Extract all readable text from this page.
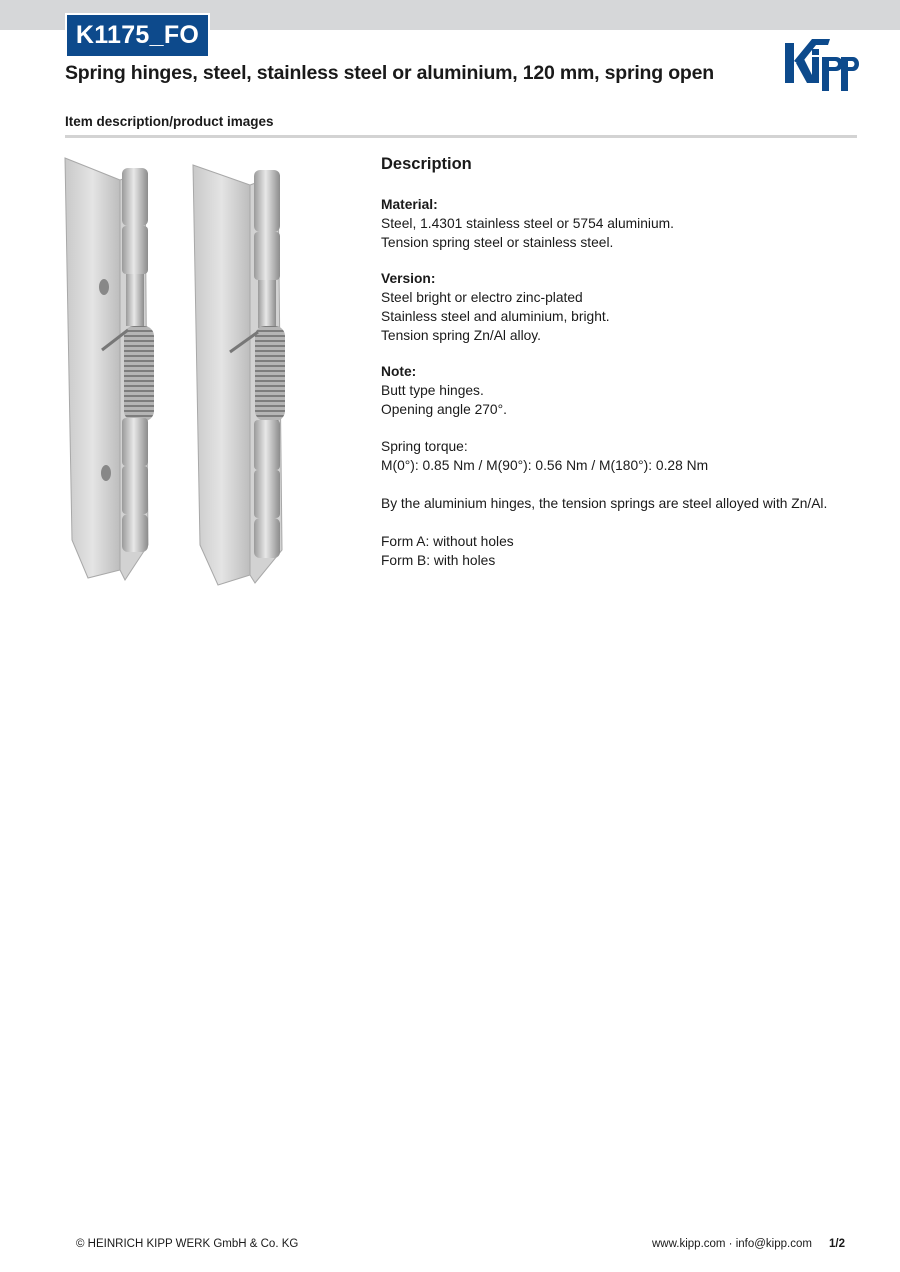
K1175_FO
Spring hinges, steel, stainless steel or aluminium, 120 mm, spring open
Item description/product images
Description
Material:
Steel, 1.4301 stainless steel or 5754 aluminium.
Tension spring steel or stainless steel.
Version:
Steel bright or electro zinc-plated
Stainless steel and aluminium, bright.
Tension spring Zn/Al alloy.
Note:
Butt type hinges.
Opening angle 270°.
Spring torque:
M(0°): 0.85 Nm / M(90°): 0.56 Nm / M(180°): 0.28 Nm
By the aluminium hinges, the tension springs are steel alloyed with Zn/Al.
Form A: without holes
Form B: with holes
© HEINRICH KIPP WERK GmbH & Co. KG	www.kipp.com · info@kipp.com 1/2
